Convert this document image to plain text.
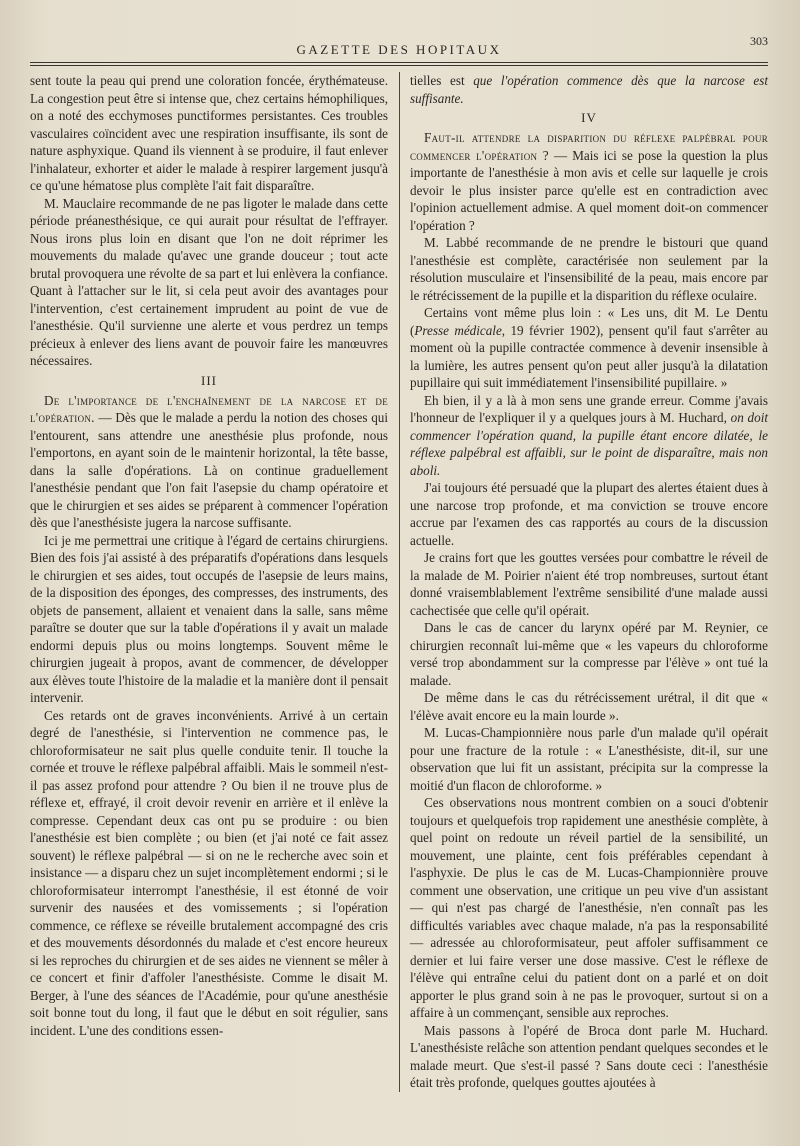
GAZETTE DES HOPITAUX
303

sent toute la peau qui prend une coloration foncée, érythémateuse. La congestion peut être si intense que, chez certains hémophiliques, on a noté des ecchymoses punctiformes persistantes. Ces troubles vasculaires coïncident avec une respiration insuffisante, ils sont de nature asphyxique. Quand ils viennent à se produire, il faut enlever l'inhalateur, exhorter et aider le malade à respirer largement jusqu'à ce qu'une hématose plus complète l'ait fait disparaître.

M. Mauclaire recommande de ne pas ligoter le malade dans cette période préanesthésique, ce qui aurait pour résultat de l'effrayer. Nous irons plus loin en disant que l'on ne doit réprimer les mouvements du malade qu'avec une grande douceur ; tout acte brutal provoquera une révolte de sa part et lui enlèvera la confiance. Quant à l'attacher sur le lit, si cela peut avoir des avantages pour l'intervention, c'est certainement imprudent au point de vue de l'anesthésie. Qu'il survienne une alerte et vous perdrez un temps précieux à enlever des liens avant de pouvoir faire les manœuvres nécessaires.

III

De l'importance de l'enchaînement de la narcose et de l'opération. — Dès que le malade a perdu la notion des choses qui l'entourent, sans attendre une anesthésie plus profonde, nous l'emportons, en ayant soin de le maintenir horizontal, la tête basse, dans la salle d'opérations. Là on continue graduellement l'anesthésie pendant que l'on fait l'asepsie du champ opératoire et que le chirurgien et ses aides se préparent à commencer l'opération dès que l'anesthésiste jugera la narcose suffisante.

Ici je me permettrai une critique à l'égard de certains chirurgiens. Bien des fois j'ai assisté à des préparatifs d'opérations dans lesquels le chirurgien et ses aides, tout occupés de l'asepsie de leurs mains, de la disposition des éponges, des compresses, des instruments, des objets de pansement, allaient et venaient dans la salle, sans même paraître se douter que sur la table d'opérations il y avait un malade endormi depuis plus ou moins longtemps. Souvent même le chirurgien jugeait à propos, avant de commencer, de développer aux élèves toute l'histoire de la maladie et la manière dont il pensait intervenir.

Ces retards ont de graves inconvénients. Arrivé à un certain degré de l'anesthésie, si l'intervention ne commence pas, le chloroformisateur ne sait plus quelle conduite tenir. Il touche la cornée et trouve le réflexe palpébral affaibli. Mais le sommeil n'est-il pas assez profond pour attendre ? Ou bien il ne trouve plus de réflexe et, effrayé, il croit devoir revenir en arrière et il enlève la compresse. Cependant deux cas ont pu se produire : ou bien l'anesthésie est bien complète ; ou bien (et j'ai noté ce fait assez souvent) le réflexe palpébral — si on ne le recherche avec soin et insistance — a disparu chez un sujet incomplètement endormi ; si le chloroformisateur interrompt l'anesthésie, il est étonné de voir survenir des nausées et des vomissements ; si l'opération commence, ce réflexe se réveille brutalement accompagné des cris et des mouvements désordonnés du malade et c'est encore heureux si les reproches du chirurgien et de ses aides ne viennent se mêler à ce concert et finir d'affoler l'anesthésiste. Comme le disait M. Berger, à l'une des séances de l'Académie, pour qu'une anesthésie soit bonne tout du long, il faut que le début en soit régulier, sans incident. L'une des conditions essen-

tielles est que l'opération commence dès que la narcose est suffisante.

IV

Faut-il attendre la disparition du réflexe palpébral pour commencer l'opération ? — Mais ici se pose la question la plus importante de l'anesthésie à mon avis et celle sur laquelle je crois devoir le plus insister parce qu'elle est en contradiction avec l'opinion actuellement admise. A quel moment doit-on commencer l'opération ?

M. Labbé recommande de ne prendre le bistouri que quand l'anesthésie est complète, caractérisée non seulement par la résolution musculaire et l'insensibilité de la peau, mais encore par le rétrécissement de la pupille et la disparition du réflexe oculaire.

Certains vont même plus loin : « Les uns, dit M. Le Dentu (Presse médicale, 19 février 1902), pensent qu'il faut s'arrêter au moment où la pupille contractée commence à devenir insensible à la lumière, les autres pensent qu'on peut aller jusqu'à la dilatation pupillaire qui suit immédiatement l'insensibilité pupillaire. »

Eh bien, il y a là à mon sens une grande erreur. Comme j'avais l'honneur de l'expliquer il y a quelques jours à M. Huchard, on doit commencer l'opération quand, la pupille étant encore dilatée, le réflexe palpébral est affaibli, sur le point de disparaître, mais non aboli.

J'ai toujours été persuadé que la plupart des alertes étaient dues à une narcose trop profonde, et ma conviction se trouve encore accrue par l'examen des cas rapportés au cours de la discussion actuelle.

Je crains fort que les gouttes versées pour combattre le réveil de la malade de M. Poirier n'aient été trop nombreuses, surtout étant donné vraisemblablement l'extrême sensibilité d'une malade aussi cachectisée que celle qu'il opérait.

Dans le cas de cancer du larynx opéré par M. Reynier, ce chirurgien reconnaît lui-même que « les vapeurs du chloroforme versé trop abondamment sur la compresse par l'élève » ont tué la malade.

De même dans le cas du rétrécissement urétral, il dit que « l'élève avait encore eu la main lourde ».

M. Lucas-Championnière nous parle d'un malade qu'il opérait pour une fracture de la rotule : « L'anesthésiste, dit-il, sur une observation que lui fit un assistant, précipita sur la compresse la moitié d'un flacon de chloroforme. »

Ces observations nous montrent combien on a souci d'obtenir toujours et quelquefois trop rapidement une anesthésie complète, à quel point on redoute un réveil partiel de la sensibilité, un mouvement, une plainte, cent fois préférables cependant à l'asphyxie. De plus le cas de M. Lucas-Championnière prouve comment une observation, une critique un peu vive d'un assistant — qui n'est pas chargé de l'anesthésie, n'en connaît pas les difficultés variables avec chaque malade, n'a pas la responsabilité — adressée au chloroformisateur, peut affoler suffisamment ce dernier et lui faire verser une dose massive. C'est le réflexe de l'élève qui entraîne celui du patient dont on a parlé et on doit apporter le plus grand soin à ne pas le provoquer, surtout si on a affaire à un commençant, sensible aux reproches.

Mais passons à l'opéré de Broca dont parle M. Huchard. L'anesthésiste relâche son attention pendant quelques secondes et le malade meurt. Que s'est-il passé ? Sans doute ceci : l'anesthésie était très profonde, quelques gouttes ajoutées à
